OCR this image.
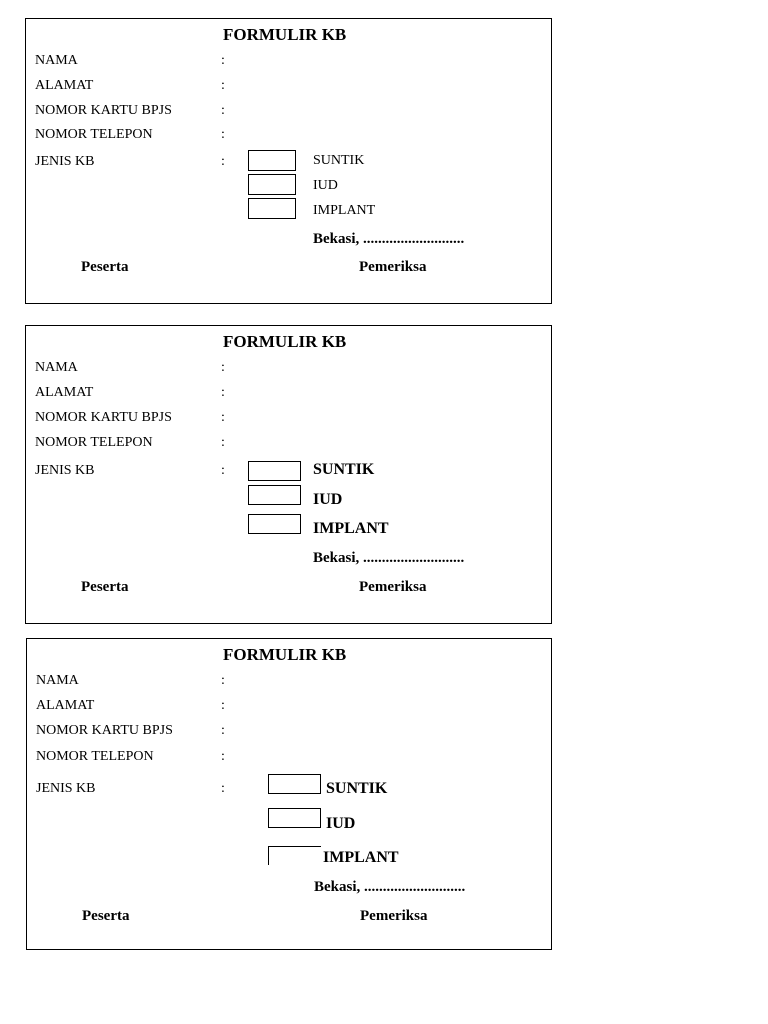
FORMULIR KB
NAMA	:
ALAMAT	:
NOMOR KARTU BPJS	:
NOMOR TELEPON	:
JENIS KB	:	SUNTIK
IUD
IMPLANT
Bekasi, ...........................
Peserta	Pemeriksa
FORMULIR KB
NAMA	:
ALAMAT	:
NOMOR KARTU BPJS	:
NOMOR TELEPON	:
JENIS KB	:	SUNTIK
IUD
IMPLANT
Bekasi, ...........................
Peserta	Pemeriksa
FORMULIR KB
NAMA	:
ALAMAT	:
NOMOR KARTU BPJS	:
NOMOR TELEPON	:
JENIS KB	:	SUNTIK
IUD
IMPLANT
Bekasi, ...........................
Peserta	Pemeriksa
